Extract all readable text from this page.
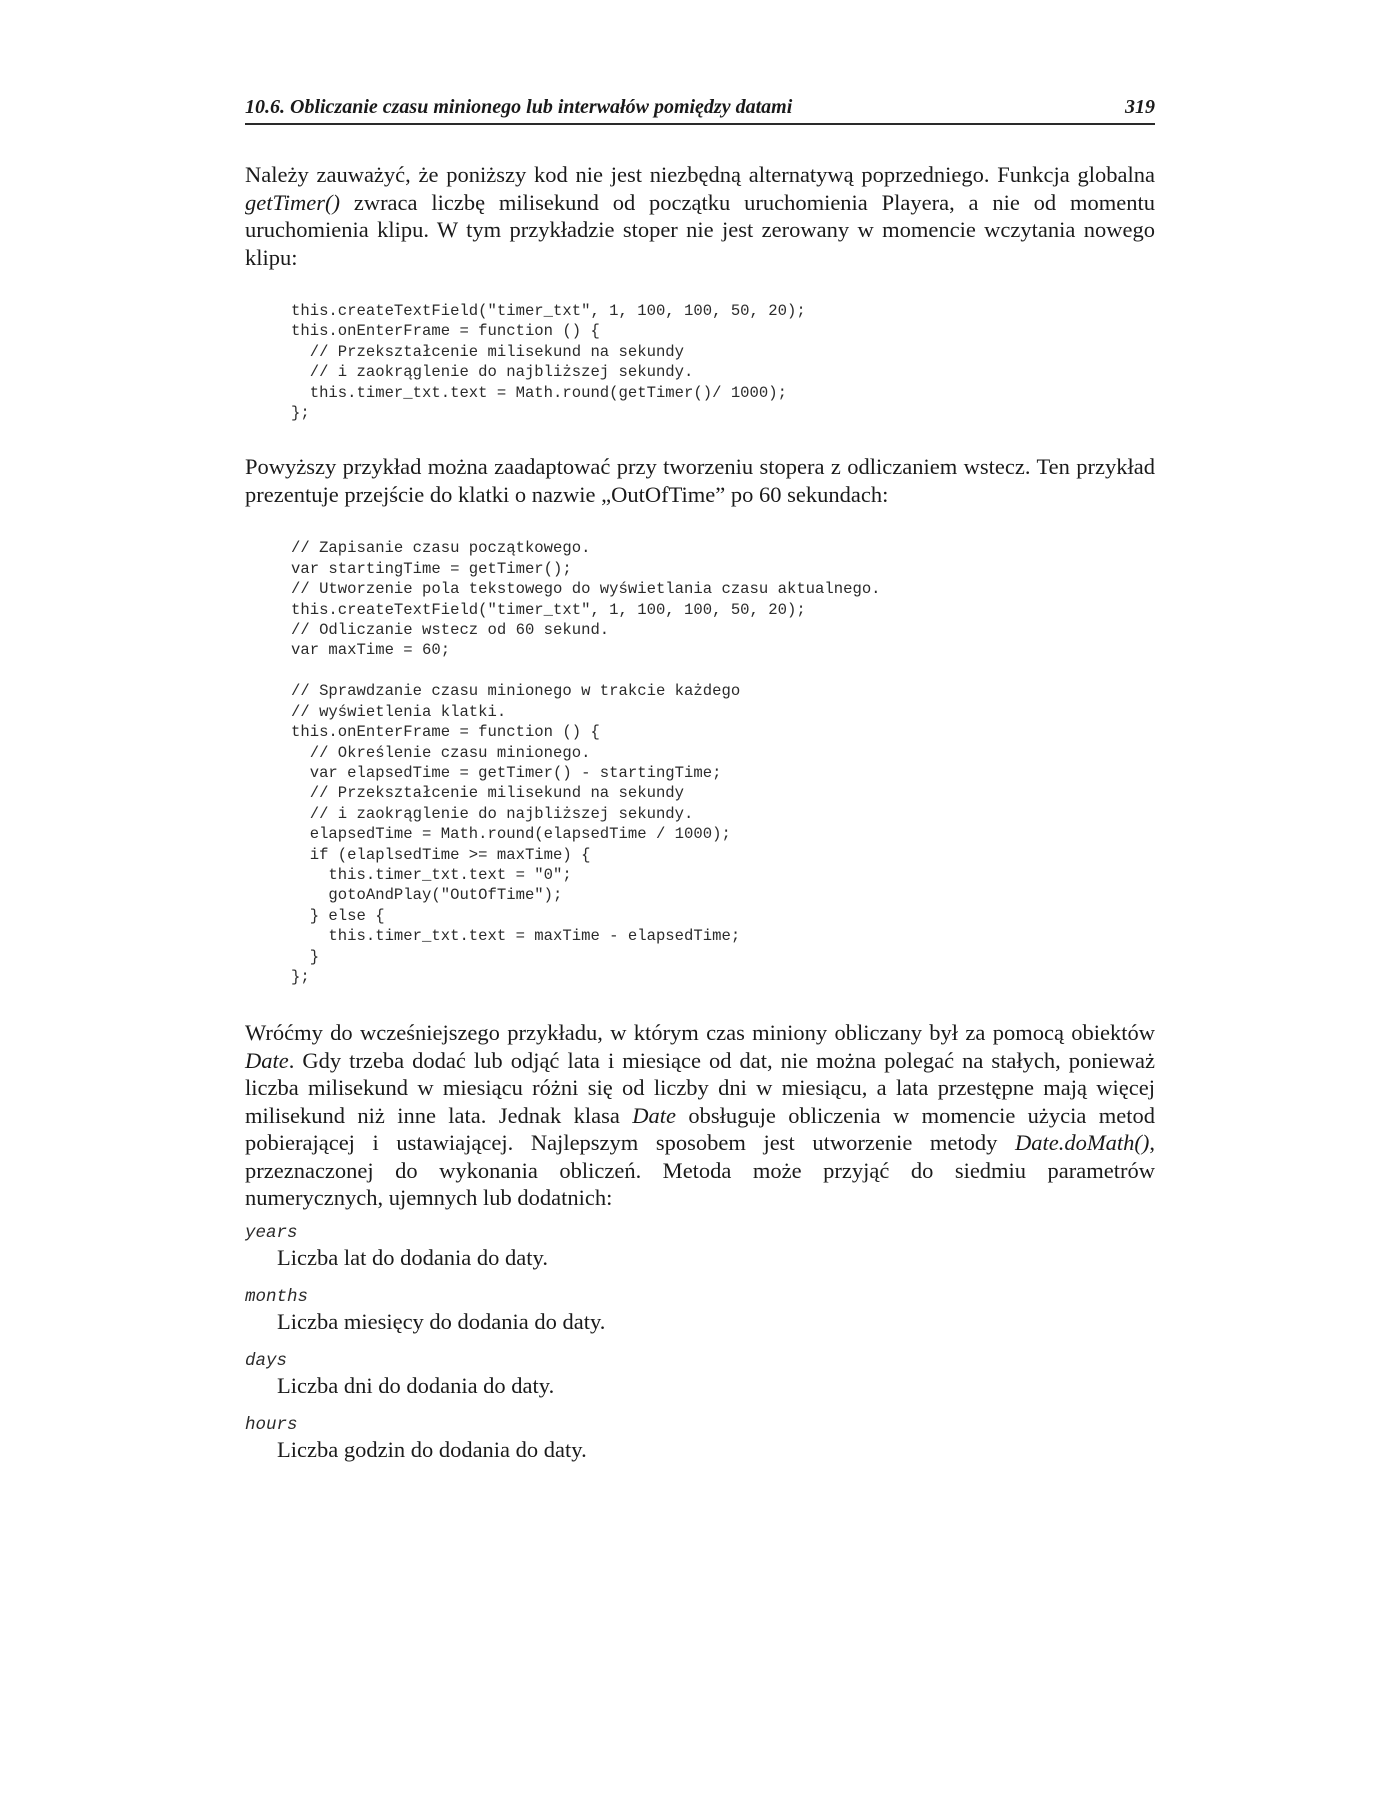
10.6. Obliczanie czasu minionego lub interwałów pomiędzy datami	319

Należy zauważyć, że poniższy kod nie jest niezbędną alternatywą poprzedniego. Funkcja globalna getTimer() zwraca liczbę milisekund od początku uruchomienia Playera, a nie od momentu uruchomienia klipu. W tym przykładzie stoper nie jest zerowany w momencie wczytania nowego klipu:

this.createTextField("timer_txt", 1, 100, 100, 50, 20);
this.onEnterFrame = function () {
// Przekształcenie milisekund na sekundy
// i zaokrąglenie do najbliższej sekundy.
this.timer_txt.text = Math.round(getTimer()/ 1000);
};

Powyższy przykład można zaadaptować przy tworzeniu stopera z odliczaniem wstecz. Ten przykład prezentuje przejście do klatki o nazwie „OutOfTime” po 60 sekundach:

// Zapisanie czasu początkowego.
var startingTime = getTimer();
// Utworzenie pola tekstowego do wyświetlania czasu aktualnego.
this.createTextField("timer_txt", 1, 100, 100, 50, 20);
// Odliczanie wstecz od 60 sekund.
var maxTime = 60;

// Sprawdzanie czasu minionego w trakcie każdego
// wyświetlenia klatki.
this.onEnterFrame = function () {
// Określenie czasu minionego.
var elapsedTime = getTimer() - startingTime;
// Przekształcenie milisekund na sekundy
// i zaokrąglenie do najbliższej sekundy.
elapsedTime = Math.round(elapsedTime / 1000);
if (elaplsedTime >= maxTime) {
this.timer_txt.text = "0";
gotoAndPlay("OutOfTime");
} else {
this.timer_txt.text = maxTime - elapsedTime;
}
};

Wróćmy do wcześniejszego przykładu, w którym czas miniony obliczany był za pomocą obiektów Date. Gdy trzeba dodać lub odjąć lata i miesiące od dat, nie można polegać na stałych, ponieważ liczba milisekund w miesiącu różni się od liczby dni w miesiącu, a lata przestępne mają więcej milisekund niż inne lata. Jednak klasa Date obsługuje obliczenia w momencie użycia metod pobierającej i ustawiającej. Najlepszym sposobem jest utworzenie metody Date.doMath(), przeznaczonej do wykonania obliczeń. Metoda może przyjąć do siedmiu parametrów numerycznych, ujemnych lub dodatnich:

years

Liczba lat do dodania do daty.

months

Liczba miesięcy do dodania do daty.

days

Liczba dni do dodania do daty.

hours

Liczba godzin do dodania do daty.
